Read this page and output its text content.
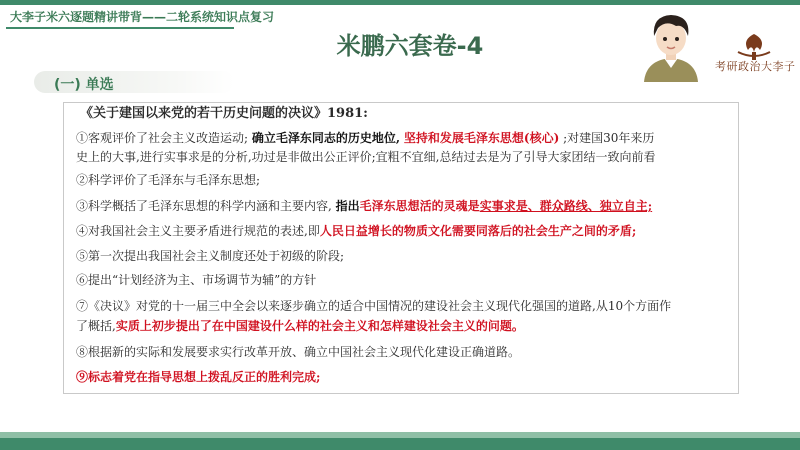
大李子米六逐题精讲带背——二轮系统知识点复习
米鹏六套卷-4
考研政治大李子
(一) 单选
《关于建国以来党的若干历史问题的决议》1981:
①客观评价了社会主义改造运动; 确立毛泽东同志的历史地位, 坚持和发展毛泽东思想(核心) ;对建国30年来历
史上的大事,进行实事求是的分析,功过是非做出公正评价;宜粗不宜细,总结过去是为了引导大家团结一致向前看
②科学评价了毛泽东与毛泽东思想;
③科学概括了毛泽东思想的科学内涵和主要内容, 指出毛泽东思想活的灵魂是实事求是、群众路线、独立自主;
④对我国社会主义主要矛盾进行规范的表述,即人民日益增长的物质文化需要同落后的社会生产之间的矛盾;
⑤第一次提出我国社会主义制度还处于初级的阶段;
⑥提出“计划经济为主、市场调节为辅”的方针
⑦《决议》对党的十一届三中全会以来逐步确立的适合中国情况的建设社会主义现代化强国的道路,从10个方面作
了概括,实质上初步提出了在中国建设什么样的社会主义和怎样建设社会主义的问题。
⑧根据新的实际和发展要求实行改革开放、确立中国社会主义现代化建设正确道路。
⑨标志着党在指导思想上拨乱反正的胜利完成;
